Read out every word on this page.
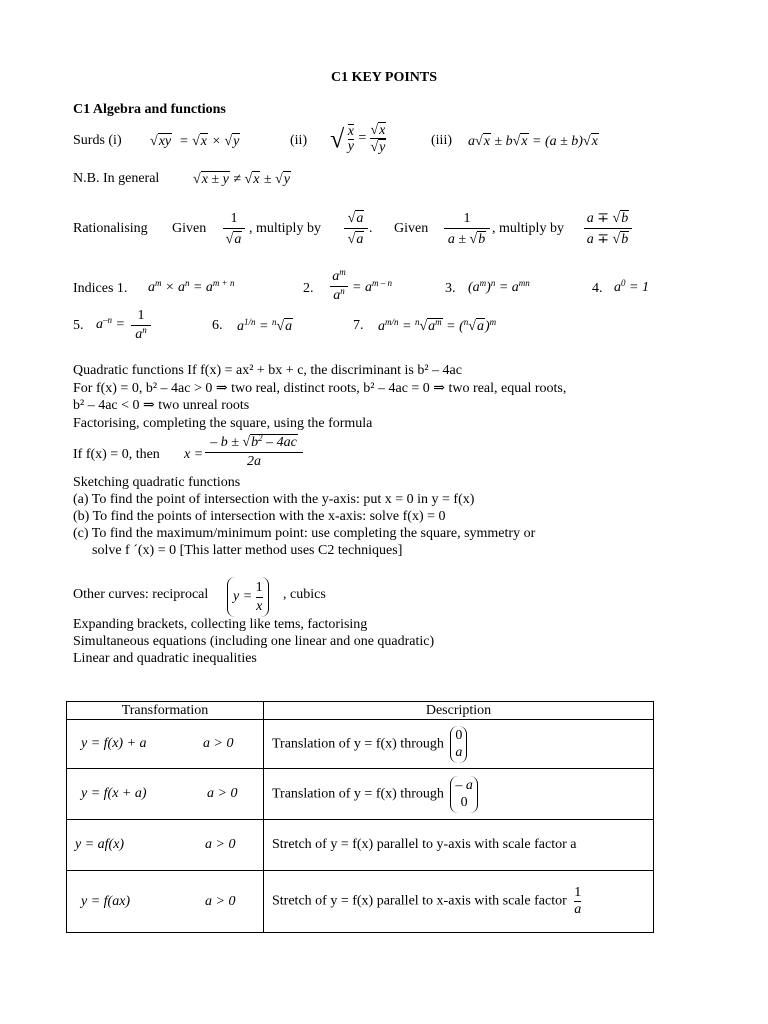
C1 KEY POINTS
C1 Algebra and functions
Surds (i) √xy  = √x × √y	(ii) √ $\frac{x}{y} = \frac{√x}{√y}$	(iii) a√x ± b√x = (a ± b)√x
N.B. In general √x ± y ≠ √x ± √y
Rationalising Given
1
√a
, multiply by
√a
√a
. Given
1
a ± √b
, multiply by
a ∓ √b
a ∓ √b
Indices 1. $a^m \times a^n = a^{m + n}$	2.
$a^m$
$a^n = a^{m - n}$	3. $(a^m)^n = a^{mn}$	4. $a^0 = 1$
5. $a^{-n}$ =
1
$a^n$	6. $a^{1/n} = ^n√a$	7. $a^{m/n} = ^n√a^m = (^n√a)^m$
Quadratic functions If f(x) = ax² + bx + c, the discriminant is b² – 4ac
For f(x) = 0, b² – 4ac > 0 ⇒ two real, distinct roots, b² – 4ac = 0 ⇒ two real, equal roots,
b² – 4ac < 0 ⇒ two unreal roots
Factorising, completing the square, using the formula
If f(x) = 0, then x =
– $b \pm √b^2 - 4ac$
2a
Sketching quadratic functions
(a) To find the point of intersection with the y-axis: put x = 0 in y = f(x)
(b) To find the points of intersection with the x-axis: solve f(x) = 0
(c) To find the maximum/minimum point: use completing the square, symmetry or
solve f ´(x) = 0 [This latter method uses C2 techniques]
Other curves: reciprocal	$y = \frac{1}{x}$ , cubics
Expanding brackets, collecting like tems, factorising
Simultaneous equations (including one linear and one quadratic)
Linear and quadratic inequalities
Transformation	Description
y = f(x) + a a > 0	Translation of y = f(x) through
0
a

y = f(x + a) a > 0	Translation of y = f(x) through
– a
0

y = af(x) a > 0	Stretch of y = f(x) parallel to y-axis with scale factor a
y = f(ax) a > 0	Stretch of y = f(x) parallel to x-axis with scale factor $\frac{1}{a}$
